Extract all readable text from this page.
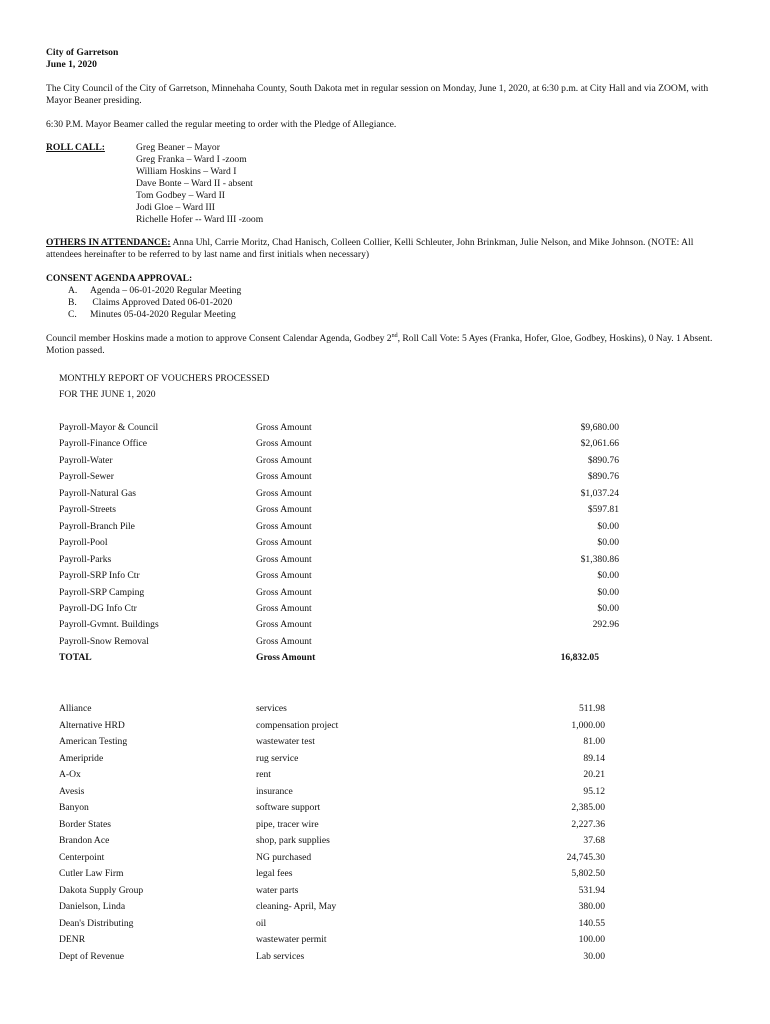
City of Garretson
June 1, 2020
The City Council of the City of Garretson, Minnehaha County, South Dakota met in regular session on Monday, June 1, 2020, at 6:30 p.m. at City Hall and via ZOOM, with Mayor Beaner presiding.
6:30 P.M. Mayor Beamer called the regular meeting to order with the Pledge of Allegiance.
ROLL CALL:	Greg Beaner – Mayor
Greg Franka – Ward I -zoom
William Hoskins – Ward I
Dave Bonte – Ward II - absent
Tom Godbey – Ward II
Jodi Gloe – Ward III
Richelle Hofer -- Ward III -zoom
OTHERS IN ATTENDANCE: Anna Uhl, Carrie Moritz, Chad Hanisch, Colleen Collier, Kelli Schleuter, John Brinkman, Julie Nelson, and Mike Johnson. (NOTE: All attendees hereinafter to be referred to by last name and first initials when necessary)
CONSENT AGENDA APPROVAL:
A. Agenda – 06-01-2020 Regular Meeting
B. Claims Approved Dated 06-01-2020
C. Minutes 05-04-2020 Regular Meeting
Council member Hoskins made a motion to approve Consent Calendar Agenda, Godbey 2nd, Roll Call Vote: 5 Ayes (Franka, Hofer, Gloe, Godbey, Hoskins), 0 Nay. 1 Absent. Motion passed.
MONTHLY REPORT OF VOUCHERS PROCESSED
FOR THE JUNE 1, 2020
Payroll-Mayor & Council	Gross Amount	$9,680.00
Payroll-Finance Office	Gross Amount	$2,061.66
Payroll-Water	Gross Amount	$890.76
Payroll-Sewer	Gross Amount	$890.76
Payroll-Natural Gas	Gross Amount	$1,037.24
Payroll-Streets	Gross Amount	$597.81
Payroll-Branch Pile	Gross Amount	$0.00
Payroll-Pool	Gross Amount	$0.00
Payroll-Parks	Gross Amount	$1,380.86
Payroll-SRP Info Ctr	Gross Amount	$0.00
Payroll-SRP Camping	Gross Amount	$0.00
Payroll-DG Info Ctr	Gross Amount	$0.00
Payroll-Gvmnt. Buildings	Gross Amount	292.96
Payroll-Snow Removal	Gross Amount
TOTAL	Gross Amount	16,832.05
Alliance	services	511.98
Alternative HRD	compensation project	1,000.00
American Testing	wastewater test	81.00
Ameripride	rug service	89.14
A-Ox	rent	20.21
Avesis	insurance	95.12
Banyon	software support	2,385.00
Border States	pipe, tracer wire	2,227.36
Brandon Ace	shop, park supplies	37.68
Centerpoint	NG purchased	24,745.30
Cutler Law Firm	legal fees	5,802.50
Dakota Supply Group	water parts	531.94
Danielson, Linda	cleaning- April, May	380.00
Dean's Distributing	oil	140.55
DENR	wastewater permit	100.00
Dept of Revenue	Lab services	30.00
